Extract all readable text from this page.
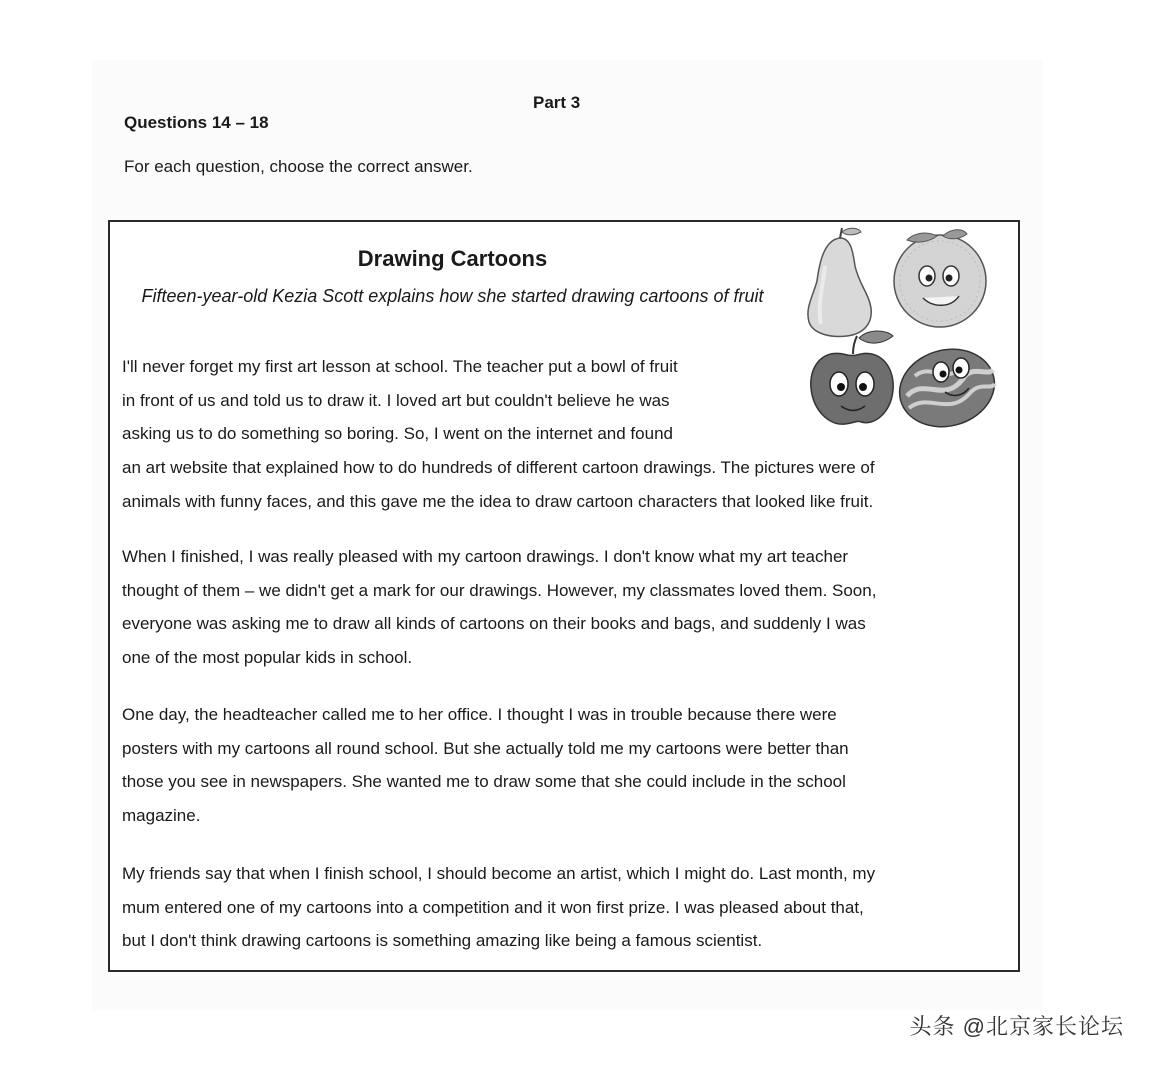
Part 3
Questions 14 – 18
For each question, choose the correct answer.
Drawing Cartoons
Fifteen-year-old Kezia Scott explains how she started drawing cartoons of fruit
I'll never forget my first art lesson at school. The teacher put a bowl of fruit
in front of us and told us to draw it. I loved art but couldn't believe he was
asking us to do something so boring. So, I went on the internet and found
an art website that explained how to do hundreds of different cartoon drawings. The pictures were of
animals with funny faces, and this gave me the idea to draw cartoon characters that looked like fruit.
When I finished, I was really pleased with my cartoon drawings. I don't know what my art teacher
thought of them – we didn't get a mark for our drawings. However, my classmates loved them. Soon,
everyone was asking me to draw all kinds of cartoons on their books and bags, and suddenly I was
one of the most popular kids in school.
One day, the headteacher called me to her office. I thought I was in trouble because there were
posters with my cartoons all round school. But she actually told me my cartoons were better than
those you see in newspapers. She wanted me to draw some that she could include in the school
magazine.
My friends say that when I finish school, I should become an artist, which I might do. Last month, my
mum entered one of my cartoons into a competition and it won first prize. I was pleased about that,
but I don't think drawing cartoons is something amazing like being a famous scientist.
头条 @北京家长论坛
